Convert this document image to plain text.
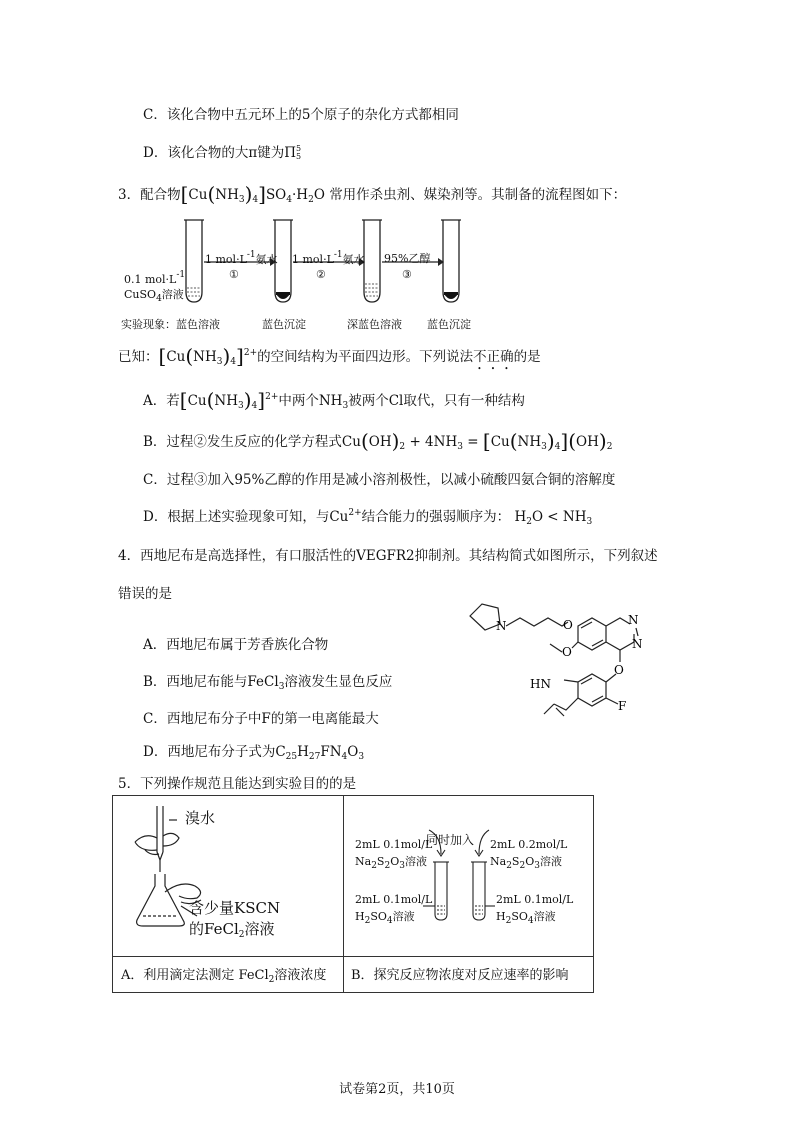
C．该化合物中五元环上的5个原子的杂化方式都相同
D．该化合物的大π键为Π5
5
3．配合物$[Cu(NH_3)_4]SO_4\cdot H_2O$ 常用作杀虫剂、媒染剂等。其制备的流程图如下：
1 $mol\cdot L^{-1}$氨水
①
1 $mol\cdot L^{-1}$氨水
②
95%乙醇
③
0.1 $mol\cdot L^{-1}$
CuSO$_4$溶液
实验现象：蓝色溶液	蓝色沉淀	深蓝色溶液 蓝色沉淀
已知：$[Cu(NH_3)_4]^{2+}$的空间结构为平面四边形。下列说法不正确的是
A．若$[Cu(NH_3)_4]^{2+}$中两个$NH_3$被两个Cl取代，只有一种结构
B．过程②发生反应的化学方程式$Cu(OH)_2 + 4NH_3 = [Cu(NH_3)_4](OH)_2$
C．过程③加入95%乙醇的作用是减小溶剂极性，以减小硫酸四氨合铜的溶解度
D．根据上述实验现象可知，与$Cu^{2+}$结合能力的强弱顺序为： $H_2O < NH_3$
4．西地尼布是高选择性，有口服活性的VEGFR2抑制剂。其结构简式如图所示，下列叙述
错误的是
A．西地尼布属于芳香族化合物
B．西地尼布能与FeCl$_3$溶液发生显色反应
C．西地尼布分子中F的第一电离能最大
D．西地尼布分子式为$C_{25}H_{27}FN_4O_3$
N	O	N
N
O
O
F
HN
5．下列操作规范且能达到实验目的的是
溴水
含少量KSCN
的FeCl$_2$溶液
A．利用滴定法测定 FeCl$_2$溶液浓度
同时加入
2mL 0.1mol/L
$Na_2S_2O_3$溶液
2mL 0.2mol/L
$Na_2S_2O_3$溶液
2mL 0.1mol/L
$H_2SO_4$溶液
2mL 0.1mol/L
$H_2SO_4$溶液
B．探究反应物浓度对反应速率的影响
试卷第2页，共10页
